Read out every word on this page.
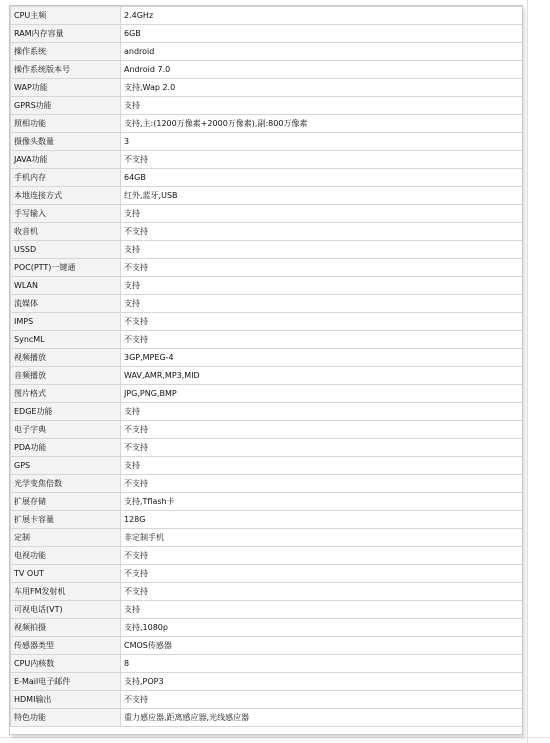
CPU主频	2.4GHz
RAM内存容量	6GB
操作系统	android
操作系统版本号	Android 7.0
WAP功能	支持,Wap 2.0
GPRS功能	支持
照相功能	支持,主:(1200万像素+2000万像素),副:800万像素
摄像头数量	3
JAVA功能	不支持
手机内存	64GB
本地连接方式	红外,蓝牙,USB
手写输入	支持
收音机	不支持
USSD	支持
POC(PTT)一键通	不支持
WLAN	支持
流媒体	支持
IMPS	不支持
SyncML	不支持
视频播放	3GP,MPEG-4
音频播放	WAV,AMR,MP3,MID
图片格式	JPG,PNG,BMP
EDGE功能	支持
电子字典	不支持
PDA功能	不支持
GPS	支持
光学变焦倍数	不支持
扩展存储	支持,Tflash卡
扩展卡容量	128G
定制	非定制手机
电视功能	不支持
TV OUT	不支持
车用FM发射机	不支持
可视电话(VT)	支持
视频拍摄	支持,1080p
传感器类型	CMOS传感器
CPU内核数	8
E-Mail电子邮件	支持,POP3
HDMI输出	不支持
特色功能	重力感应器,距离感应器,光线感应器
